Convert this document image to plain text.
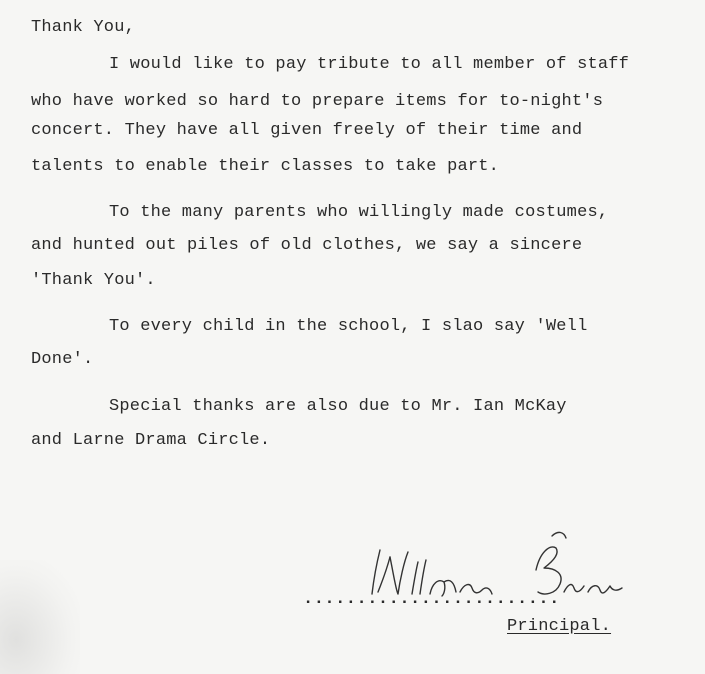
Thank You,
I would like to pay tribute to all member of staff
who have worked so hard to prepare items for to-night's
concert. They have all given freely of their time and
talents to enable their classes to take part.
To the many parents who willingly made costumes,
and hunted out piles of old clothes, we say a sincere
'Thank You'.
To every child in the school, I slao say 'Well
Done'.
Special thanks are also due to Mr. Ian McKay
and Larne Drama Circle.
........................
Principal.
